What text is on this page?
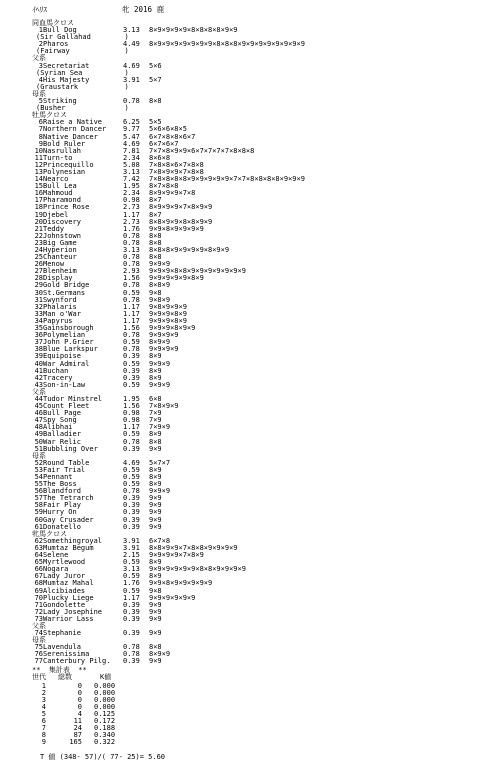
ｲﾍﾘｽ	牝 2016 鹿
同血馬クロス
1 Bull Dog	3.13 8×9×9×9×9×8×8×8×8×9×9
(Sir Gallahad        )
2 Pharos	4.49 8×9×9×9×9×9×9×9×8×8×8×9×9×9×9×9×9×9×9
(Fairway             )
父系
3 Secretariat	4.69 5×6
(Syrian Sea          )
4 His Majesty	3.91 5×7
(Graustark           )
母系
5 Striking	0.78 8×8
(Busher              )
牡馬クロス
6 Raise a Native	6.25 5×5
7 Northern Dancer 9.77 5×6×6×8×5
8 Native Dancer	5.47 6×7×8×8×6×7
9 Bold Ruler	4.69 6×7×6×7
10 Nasrullah	7.81 7×7×8×9×9×6×7×7×7×7×8×8×8
11 Turn-to	2.34 8×6×8
12 Princequillo	5.08 7×8×8×6×7×8×8
13 Polynesian	3.13 7×8×9×9×7×8×8
14 Nearco	7.42 7×8×8×8×8×9×9×9×9×9×7×7×8×8×8×8×9×9×9
15 Bull Lea	1.95 8×7×8×8
16 Mahmoud	2.34 8×9×9×9×7×8
17 Pharamond	0.98 8×7
18 Prince Rose	2.73 8×9×9×9×7×8×9×9
19 Djebel	1.17 8×7
20 Discovery	2.73 8×8×9×9×8×8×9×9
21 Teddy	1.76 9×9×8×9×9×9×9
22 Johnstown	0.78 8×8
23 Big Game	0.78 8×8
24 Hyperion	3.13 8×8×8×9×9×9×9×8×9×9
25 Chanteur	0.78 8×8
26 Menow	0.78 9×9×9
27 Blenheim	2.93 9×9×9×8×8×9×9×9×9×9×9×9
28 Display	1.56 9×9×9×9×9×8×9
29 Gold Bridge	0.78 8×8×9
30 St.Germans	0.59 9×8
31 Swynford	0.78 9×8×9
32 Phalaris	1.17 9×8×9×9×9
33 Man o'War	1.17 9×9×9×8×9
34 Papyrus	1.17 9×9×9×8×9
35 Gainsborough	1.56 9×9×9×8×9×9
36 Polymelian	0.78 9×9×9×9
37 John P.Grier	0.59 8×9×9
38 Blue Larkspur	0.78 9×9×9×9
39 Equipoise	0.39 8×9
40 War Admiral	0.59 9×9×9
41 Buchan	0.39 8×9
42 Tracery	0.39 8×9
43 Son-in-Law	0.59 9×9×9
父系
44 Tudor Minstrel	1.95 6×8
45 Count Fleet	1.56 7×8×9×9
46 Bull Page	0.98 7×9
47 Spy Song	0.98 7×9
48 Alibhai	1.17 7×9×9
49 Balladier	0.59 8×9
50 War Relic	0.78 8×8
51 Bubbling Over	0.39 9×9
母系
52 Round Table	4.69 5×7×7
53 Fair Trial	0.59 8×9
54 Pennant	0.59 8×9
55 The Boss	0.59 8×9
56 Blandford	0.78 9×9×9
57 The Tetrarch	0.39 9×9
58 Fair Play	0.39 9×9
59 Hurry On	0.39 9×9
60 Gay Crusader	0.39 9×9
61 Donatello	0.39 9×9
牝馬クロス
62 Somethingroyal	3.91 6×7×8
63 Mumtaz Begum	3.91 8×8×9×9×7×8×8×9×9×9×9
64 Selene	2.15 9×9×9×9×7×8×9
65 Myrtlewood	0.59 8×9
66 Nogara	3.13 9×9×9×9×9×9×8×8×9×9×9×9
67 Lady Juror	0.59 8×9
68 Mumtaz Mahal	1.76 9×9×8×9×9×9×9×9
69 Alcibiades	0.59 9×8
70 Plucky Liege	1.17 9×9×9×9×9×9
71 Gondolette	0.39 9×9
72 Lady Josephine	0.39 9×9
73 Warrior Lass	0.39 9×9
父系
74 Stephanie	0.39 9×9
母系
75 Lavendula	0.78 8×8
76 Serenissima	0.78 8×9×9
77 Canterbury Pilg. 0.39 9×9
**  集計表  **
世代 総数	K値
1	0 0.000
2	0 0.000
3	0 0.000
4	0 0.000
5	4 0.125
6	11 0.172
7	24 0.188
8	87 0.340
9	165 0.322
T 値 (348- 57)/( 77- 25)= 5.60
